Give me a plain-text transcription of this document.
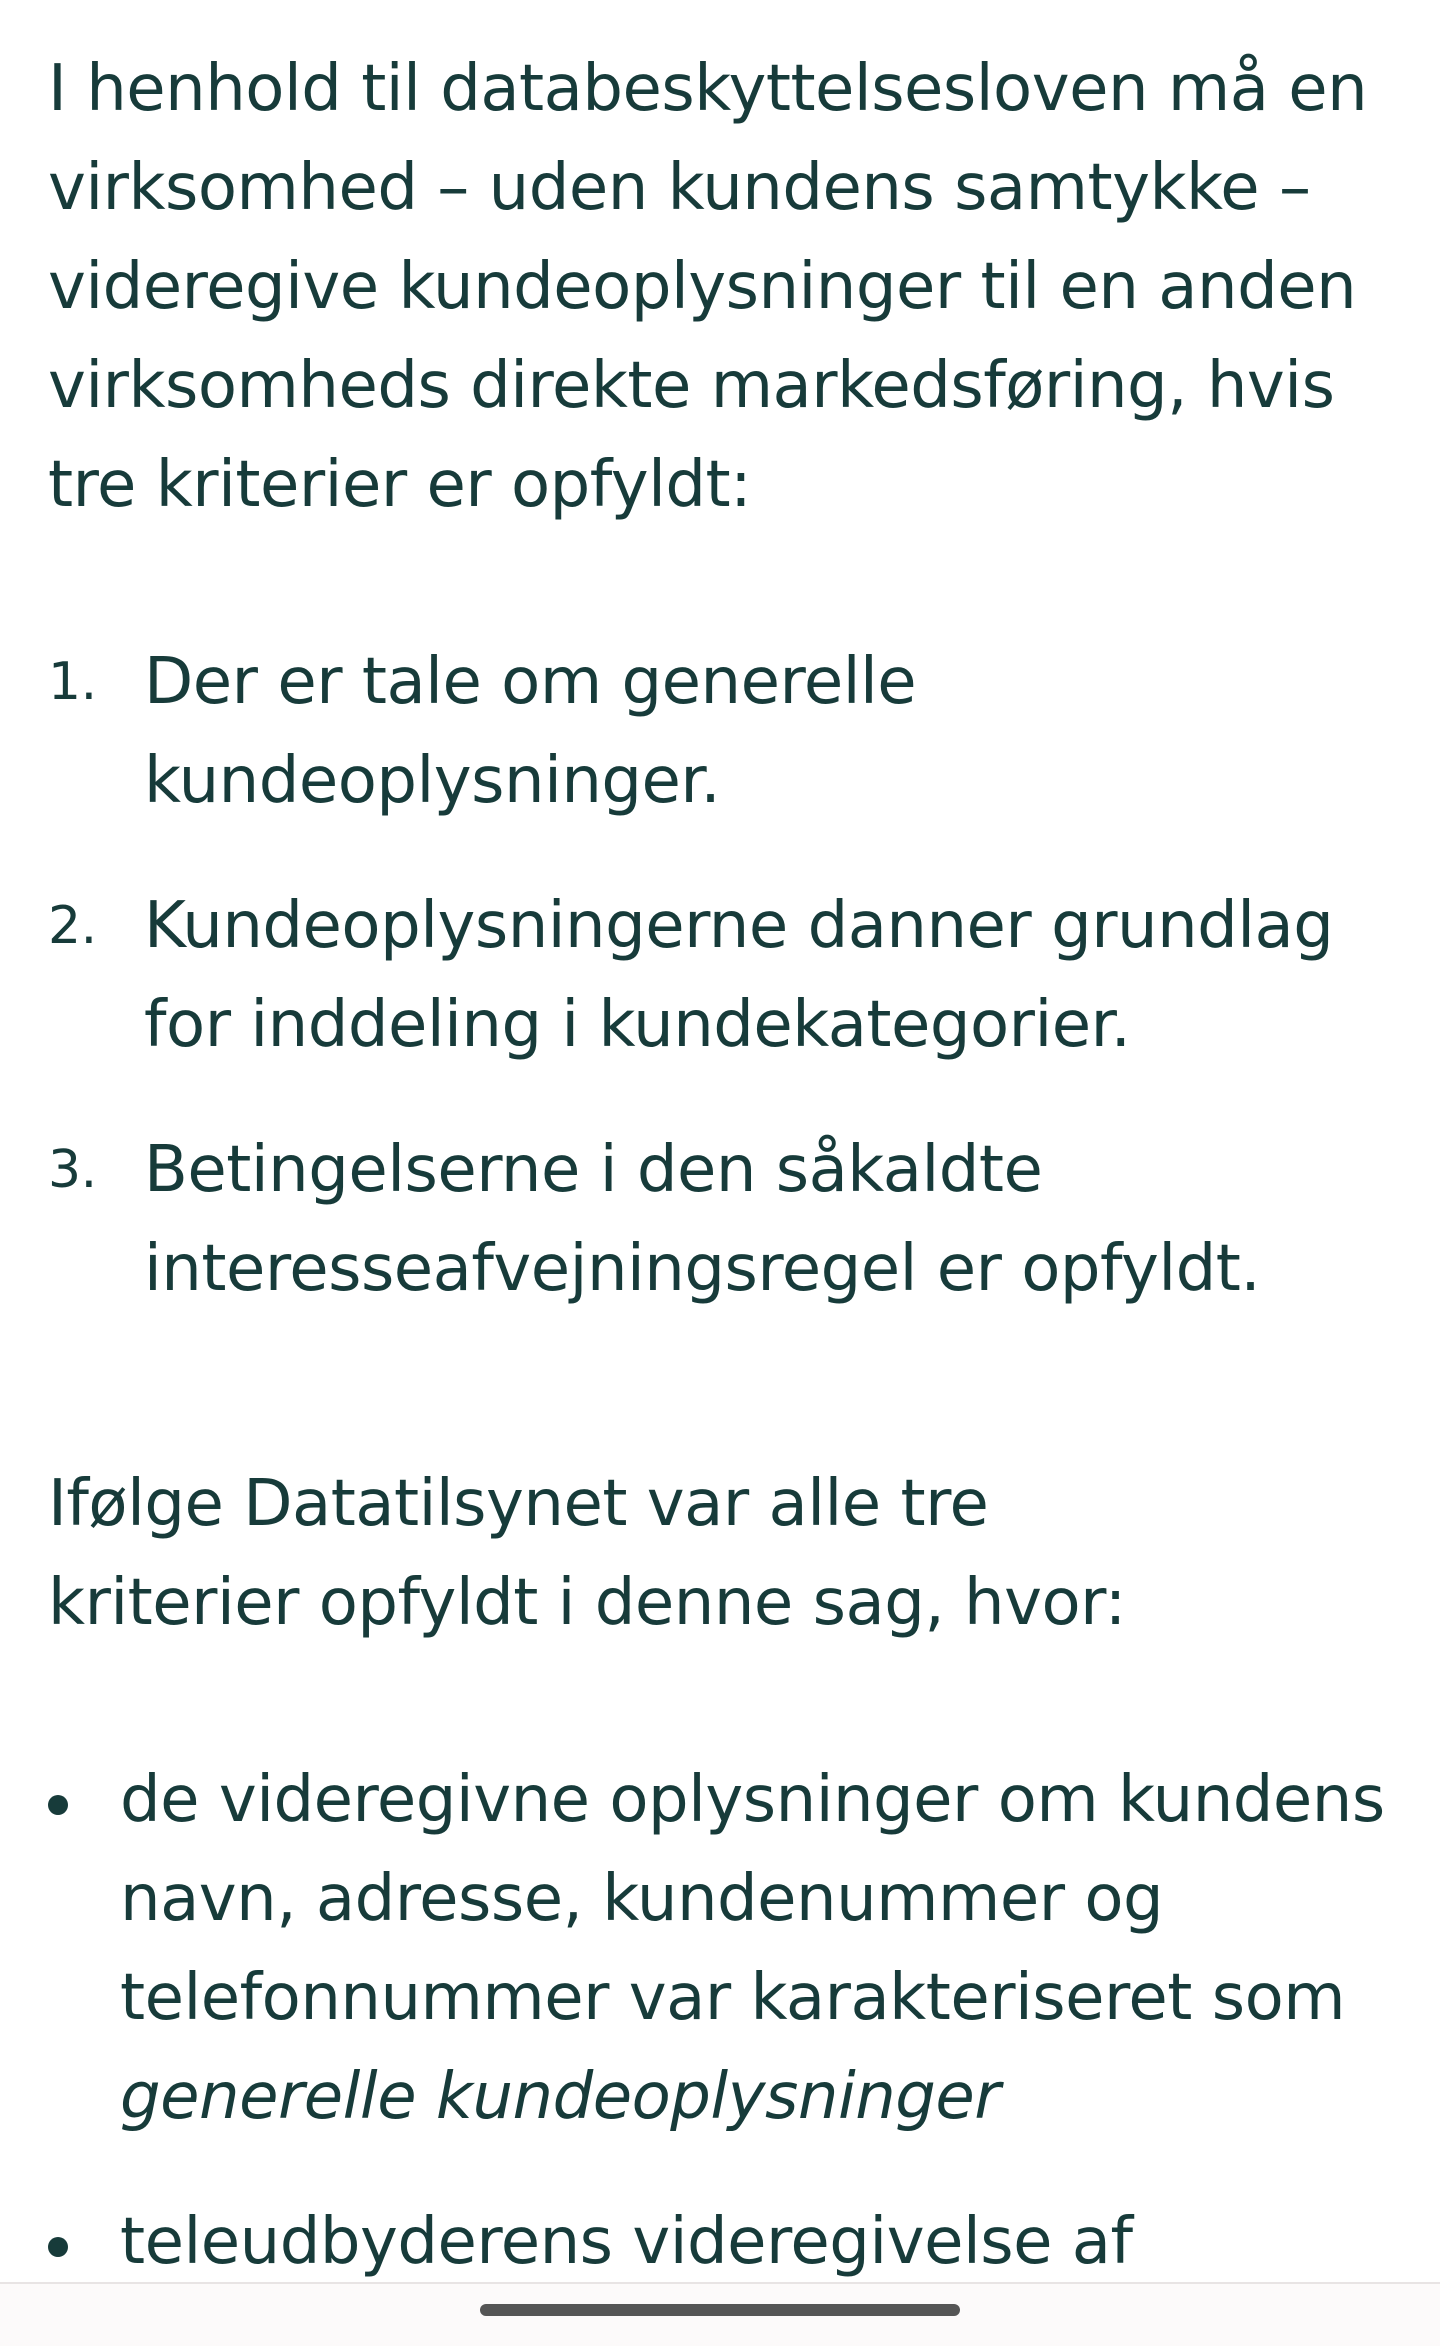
I henhold til databeskyttelsesloven må en virksomhed – uden kundens samtykke – videregive kundeoplysninger til en anden virksomheds direkte markedsføring, hvis tre kriterier er opfyldt:

1. Der er tale om generelle kundeoplysninger.
2. Kundeoplysningerne danner grundlag for inddeling i kundekategorier.
3. Betingelserne i den såkaldte interesseafvejningsregel er opfyldt.

Ifølge Datatilsynet var alle tre kriterier opfyldt i denne sag, hvor:

de videregivne oplysninger om kundens navn, adresse, kundenummer og telefonnummer var karakteriseret som generelle kundeoplysninger
teleudbyderens videregivelse af
